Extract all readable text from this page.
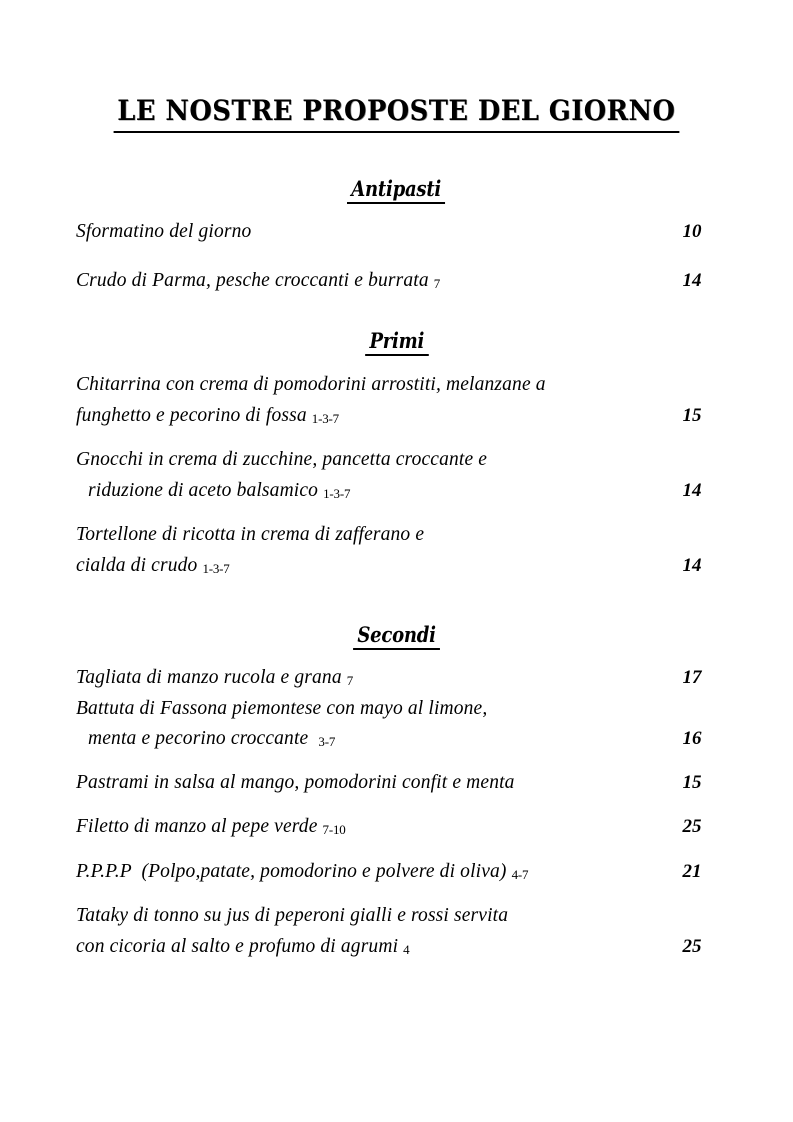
LE NOSTRE PROPOSTE DEL GIORNO
Antipasti
Sformatino del giorno	10
Crudo di Parma, pesche croccanti e burrata 7	14
Primi
Chitarrina con crema di pomodorini arrostiti, melanzane a
funghetto e pecorino di fossa 1-3-7	15
Gnocchi in crema di zucchine, pancetta croccante e
riduzione di aceto balsamico 1-3-7	14
Tortellone di ricotta in crema di zafferano e
cialda di crudo 1-3-7	14
Secondi
Tagliata di manzo rucola e grana 7	17
Battuta di Fassona piemontese con mayo al limone,
menta e pecorino croccante  3-7	16
Pastrami in salsa al mango, pomodorini confit e menta	15
Filetto di manzo al pepe verde 7-10	25
P.P.P.P  (Polpo,patate, pomodorino e polvere di oliva) 4-7	21
Tataky di tonno su jus di peperoni gialli e rossi servita
con cicoria al salto e profumo di agrumi 4	25
